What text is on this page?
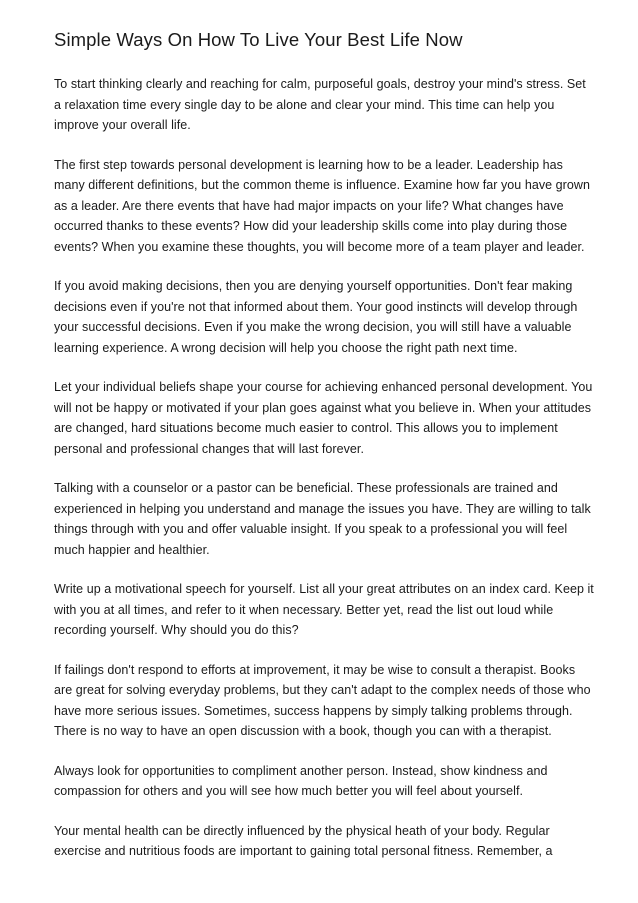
Simple Ways On How To Live Your Best Life Now

To start thinking clearly and reaching for calm, purposeful goals, destroy your mind's stress. Set a relaxation time every single day to be alone and clear your mind. This time can help you improve your overall life.

The first step towards personal development is learning how to be a leader. Leadership has many different definitions, but the common theme is influence. Examine how far you have grown as a leader. Are there events that have had major impacts on your life? What changes have occurred thanks to these events? How did your leadership skills come into play during those events? When you examine these thoughts, you will become more of a team player and leader.

If you avoid making decisions, then you are denying yourself opportunities. Don't fear making decisions even if you're not that informed about them. Your good instincts will develop through your successful decisions. Even if you make the wrong decision, you will still have a valuable learning experience. A wrong decision will help you choose the right path next time.

Let your individual beliefs shape your course for achieving enhanced personal development. You will not be happy or motivated if your plan goes against what you believe in. When your attitudes are changed, hard situations become much easier to control. This allows you to implement personal and professional changes that will last forever.

Talking with a counselor or a pastor can be beneficial. These professionals are trained and experienced in helping you understand and manage the issues you have. They are willing to talk things through with you and offer valuable insight. If you speak to a professional you will feel much happier and healthier.

Write up a motivational speech for yourself. List all your great attributes on an index card. Keep it with you at all times, and refer to it when necessary. Better yet, read the list out loud while recording yourself. Why should you do this?

If failings don't respond to efforts at improvement, it may be wise to consult a therapist. Books are great for solving everyday problems, but they can't adapt to the complex needs of those who have more serious issues. Sometimes, success happens by simply talking problems through. There is no way to have an open discussion with a book, though you can with a therapist.

Always look for opportunities to compliment another person. Instead, show kindness and compassion for others and you will see how much better you will feel about yourself.

Your mental health can be directly influenced by the physical heath of your body. Regular exercise and nutritious foods are important to gaining total personal fitness. Remember, a
